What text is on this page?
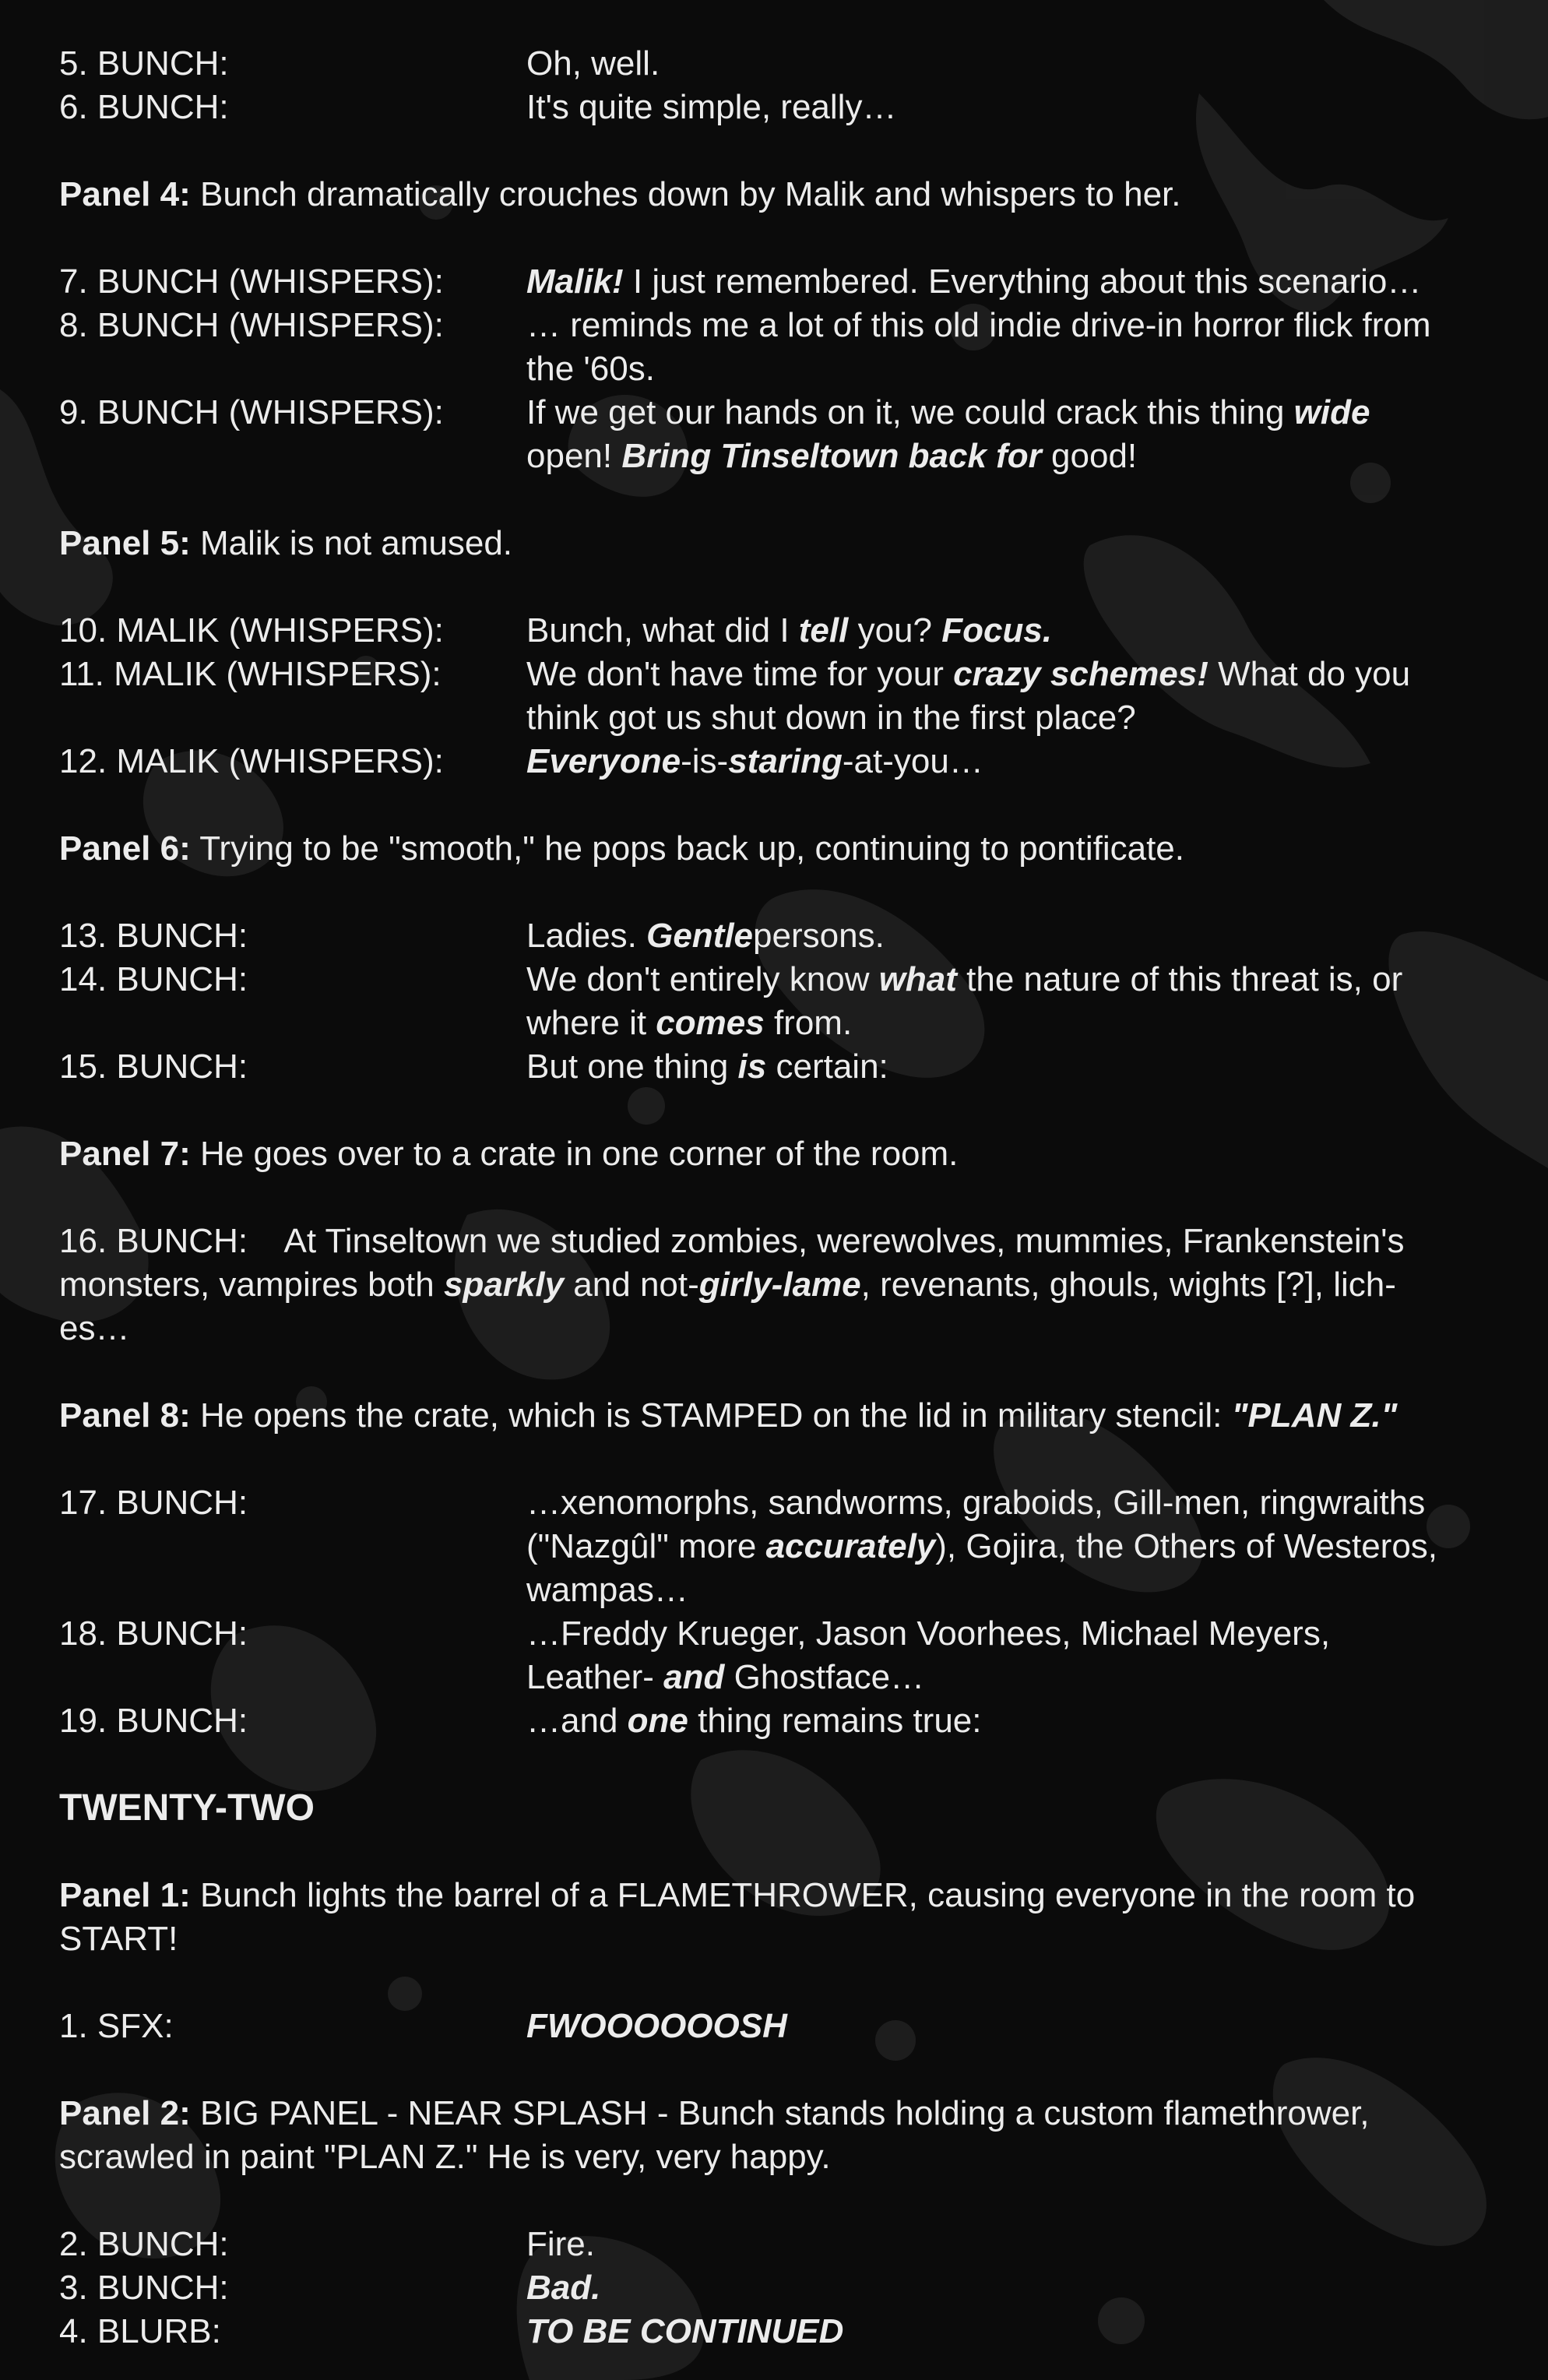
5. BUNCH:	Oh, well.
6. BUNCH:	It's quite simple, really…
Panel 4: Bunch dramatically crouches down by Malik and whispers to her.
7. BUNCH (WHISPERS): Malik! I just remembered. Everything about this scenario…
8. BUNCH (WHISPERS): … reminds me a lot of this old indie drive-in horror flick from
the '60s.
9. BUNCH (WHISPERS): If we get our hands on it, we could crack this thing wide
open! Bring Tinseltown back for good!
Panel 5: Malik is not amused.
10. MALIK (WHISPERS): Bunch, what did I tell you? Focus.
11. MALIK (WHISPERS): We don't have time for your crazy schemes! What do you
think got us shut down in the first place?
12. MALIK (WHISPERS): Everyone-is-staring-at-you…
Panel 6: Trying to be "smooth," he pops back up, continuing to pontificate.
13. BUNCH:	Ladies. Gentlepersons.
14. BUNCH:	We don't entirely know what the nature of this threat is, or
where it comes from.
15. BUNCH:	But one thing is certain:
Panel 7: He goes over to a crate in one corner of the room.
16. BUNCH:    At Tinseltown we studied zombies, werewolves, mummies, Frankenstein's
monsters, vampires both sparkly and not-girly-lame, revenants, ghouls, wights [?], lich-
es…
Panel 8: He opens the crate, which is STAMPED on the lid in military stencil: "PLAN Z."
17. BUNCH:	…xenomorphs, sandworms, graboids, Gill-men, ringwraiths
("Nazgûl" more accurately), Gojira, the Others of Westeros,
wampas…
18. BUNCH:	…Freddy Krueger, Jason Voorhees, Michael Meyers,
Leather- and Ghostface…
19. BUNCH:	…and one thing remains true:
TWENTY-TWO
Panel 1: Bunch lights the barrel of a FLAMETHROWER, causing everyone in the room to
START!
1. SFX:	FWOOOOOOSH
Panel 2: BIG PANEL - NEAR SPLASH - Bunch stands holding a custom flamethrower,
scrawled in paint "PLAN Z." He is very, very happy.
2. BUNCH:	Fire.
3. BUNCH:	Bad.
4. BLURB:	TO BE CONTINUED
